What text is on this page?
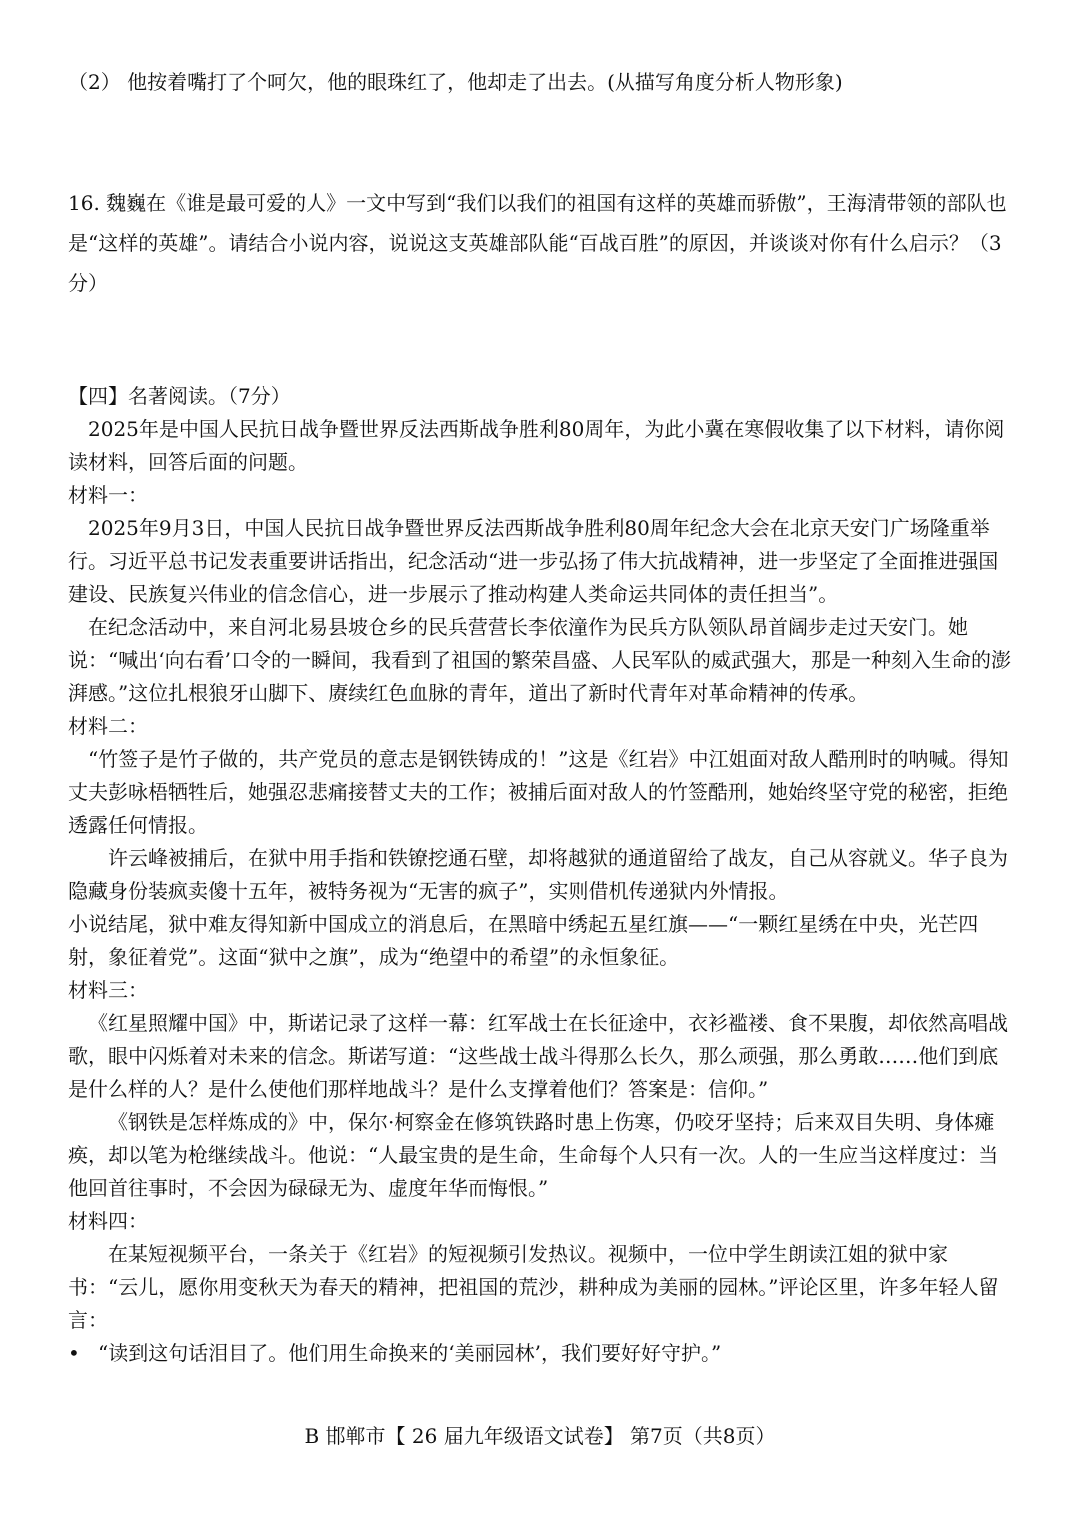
（2） 他按着嘴打了个呵欠，他的眼珠红了，他却走了出去。(从描写角度分析人物形象)

16. 魏巍在《谁是最可爱的人》一文中写到“我们以我们的祖国有这样的英雄而骄傲”，王海清带领的部队也是“这样的英雄”。请结合小说内容，说说这支英雄部队能“百战百胜”的原因，并谈谈对你有什么启示？（3分）

【四】名著阅读。（7分）

2025年是中国人民抗日战争暨世界反法西斯战争胜利80周年，为此小冀在寒假收集了以下材料，请你阅读材料，回答后面的问题。

材料一：

2025年9月3日，中国人民抗日战争暨世界反法西斯战争胜利80周年纪念大会在北京天安门广场隆重举行。习近平总书记发表重要讲话指出，纪念活动“进一步弘扬了伟大抗战精神，进一步坚定了全面推进强国建设、民族复兴伟业的信念信心，进一步展示了推动构建人类命运共同体的责任担当”。

在纪念活动中，来自河北易县坡仓乡的民兵营营长李依潼作为民兵方队领队昂首阔步走过天安门。她说：“喊出‘向右看’口令的一瞬间，我看到了祖国的繁荣昌盛、人民军队的威武强大，那是一种刻入生命的澎湃感。”这位扎根狼牙山脚下、赓续红色血脉的青年，道出了新时代青年对革命精神的传承。

材料二：

“竹签子是竹子做的，共产党员的意志是钢铁铸成的！”这是《红岩》中江姐面对敌人酷刑时的呐喊。得知丈夫彭咏梧牺牲后，她强忍悲痛接替丈夫的工作；被捕后面对敌人的竹签酷刑，她始终坚守党的秘密，拒绝透露任何情报。

许云峰被捕后，在狱中用手指和铁镣挖通石壁，却将越狱的通道留给了战友，自己从容就义。华子良为隐藏身份装疯卖傻十五年，被特务视为“无害的疯子”，实则借机传递狱内外情报。

小说结尾，狱中难友得知新中国成立的消息后，在黑暗中绣起五星红旗——“一颗红星绣在中央，光芒四射，象征着党”。这面“狱中之旗”，成为“绝望中的希望”的永恒象征。

材料三：

《红星照耀中国》中，斯诺记录了这样一幕：红军战士在长征途中，衣衫褴褛、食不果腹，却依然高唱战歌，眼中闪烁着对未来的信念。斯诺写道：“这些战士战斗得那么长久，那么顽强，那么勇敢……他们到底是什么样的人？是什么使他们那样地战斗？是什么支撑着他们？答案是：信仰。”

《钢铁是怎样炼成的》中，保尔·柯察金在修筑铁路时患上伤寒，仍咬牙坚持；后来双目失明、身体瘫痪，却以笔为枪继续战斗。他说：“人最宝贵的是生命，生命每个人只有一次。人的一生应当这样度过：当他回首往事时，不会因为碌碌无为、虚度年华而悔恨。”

材料四：

在某短视频平台，一条关于《红岩》的短视频引发热议。视频中，一位中学生朗读江姐的狱中家书：“云儿，愿你用变秋天为春天的精神，把祖国的荒沙，耕种成为美丽的园林。”评论区里，许多年轻人留言：

• “读到这句话泪目了。他们用生命换来的‘美丽园林’，我们要好好守护。”
B 邯郸市【 26 届九年级语文试卷】 第7页（共8页）
